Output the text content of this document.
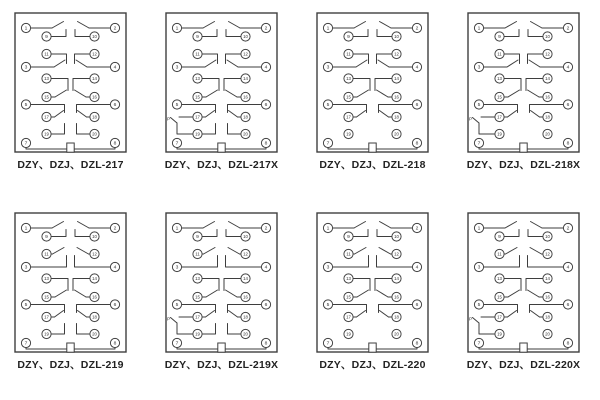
1	2
3	4
5	6
7	8
9	10
11	12
13	14
15	16
17	18
19	20
DZY、DZJ、DZL-217
P
1	2
3	4
5	6
7	8
9	10
11	12
13	14
15	16
17	18
19	20
DZY、DZJ、DZL-217X
1	2
3	4
5	6
7	8
9	10
11	12
13	14
15	16
17	18
19	20
DZY、DZJ、DZL-218
P
1	2
3	4
5	6
7	8
9	10
11	12
13	14
15	16
17	18
19	20
DZY、DZJ、DZL-218X
1	2
3	4
5	6
7	8
9	10
11	12
13	14
15	16
17	18
19	20
DZY、DZJ、DZL-219
P
1	2
3	4
5	6
7	8
9	10
11	12
13	14
15	16
17	18
19	20
DZY、DZJ、DZL-219X
1	2
3	4
5	6
7	8
9	10
11	12
13	14
15	16
17	18
19	20
DZY、DZJ、DZL-220
P
1	2
3	4
5	6
7	8
9	10
11	12
13	14
15	16
17	18
19	20
DZY、DZJ、DZL-220X
